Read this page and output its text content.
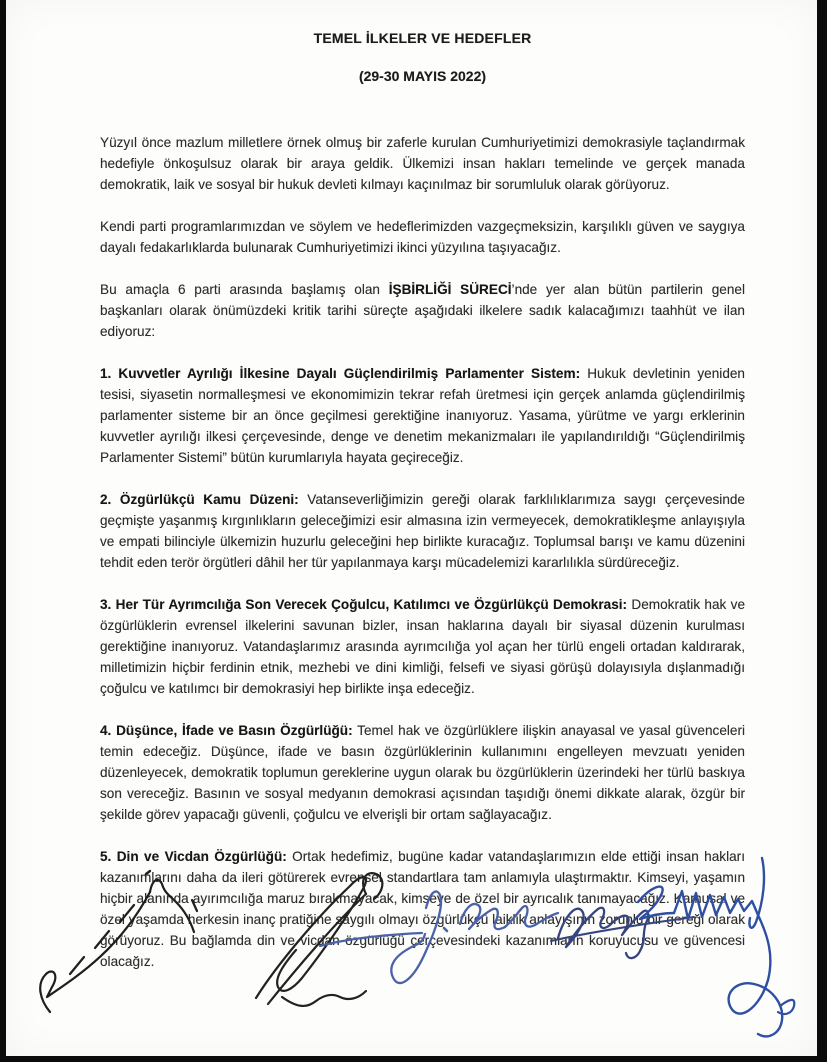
TEMEL İLKELER VE HEDEFLER
(29-30 MAYIS 2022)

Yüzyıl önce mazlum milletlere örnek olmuş bir zaferle kurulan Cumhuriyetimizi demokrasiyle taçlandırmak hedefiyle önkoşulsuz olarak bir araya geldik. Ülkemizi insan hakları temelinde ve gerçek manada demokratik, laik ve sosyal bir hukuk devleti kılmayı kaçınılmaz bir sorumluluk olarak görüyoruz.

Kendi parti programlarımızdan ve söylem ve hedeflerimizden vazgeçmeksizin, karşılıklı güven ve saygıya dayalı fedakarlıklarda bulunarak Cumhuriyetimizi ikinci yüzyılına taşıyacağız.

Bu amaçla 6 parti arasında başlamış olan İŞBİRLİĞİ SÜRECİ’nde yer alan bütün partilerin genel başkanları olarak önümüzdeki kritik tarihi süreçte aşağıdaki ilkelere sadık kalacağımızı taahhüt ve ilan ediyoruz:

1. Kuvvetler Ayrılığı İlkesine Dayalı Güçlendirilmiş Parlamenter Sistem: Hukuk devletinin yeniden tesisi, siyasetin normalleşmesi ve ekonomimizin tekrar refah üretmesi için gerçek anlamda güçlendirilmiş parlamenter sisteme bir an önce geçilmesi gerektiğine inanıyoruz. Yasama, yürütme ve yargı erklerinin kuvvetler ayrılığı ilkesi çerçevesinde, denge ve denetim mekanizmaları ile yapılandırıldığı “Güçlendirilmiş Parlamenter Sistemi” bütün kurumlarıyla hayata geçireceğiz.

2. Özgürlükçü Kamu Düzeni: Vatanseverliğimizin gereği olarak farklılıklarımıza saygı çerçevesinde geçmişte yaşanmış kırgınlıkların geleceğimizi esir almasına izin vermeyecek, demokratikleşme anlayışıyla ve empati bilinciyle ülkemizin huzurlu geleceğini hep birlikte kuracağız. Toplumsal barışı ve kamu düzenini tehdit eden terör örgütleri dâhil her tür yapılanmaya karşı mücadelemizi kararlılıkla sürdüreceğiz.

3. Her Tür Ayrımcılığa Son Verecek Çoğulcu, Katılımcı ve Özgürlükçü Demokrasi: Demokratik hak ve özgürlüklerin evrensel ilkelerini savunan bizler, insan haklarına dayalı bir siyasal düzenin kurulması gerektiğine inanıyoruz. Vatandaşlarımız arasında ayrımcılığa yol açan her türlü engeli ortadan kaldırarak, milletimizin hiçbir ferdinin etnik, mezhebi ve dini kimliği, felsefi ve siyasi görüşü dolayısıyla dışlanmadığı çoğulcu ve katılımcı bir demokrasiyi hep birlikte inşa edeceğiz.

4. Düşünce, İfade ve Basın Özgürlüğü: Temel hak ve özgürlüklere ilişkin anayasal ve yasal güvenceleri temin edeceğiz. Düşünce, ifade ve basın özgürlüklerinin kullanımını engelleyen mevzuatı yeniden düzenleyecek, demokratik toplumun gereklerine uygun olarak bu özgürlüklerin üzerindeki her türlü baskıya son vereceğiz. Basının ve sosyal medyanın demokrasi açısından taşıdığı önemi dikkate alarak, özgür bir şekilde görev yapacağı güvenli, çoğulcu ve elverişli bir ortam sağlayacağız.

5. Din ve Vicdan Özgürlüğü: Ortak hedefimiz, bugüne kadar vatandaşlarımızın elde ettiği insan hakları kazanımlarını daha da ileri götürerek evrensel standartlara tam anlamıyla ulaştırmaktır. Kimseyi, yaşamın hiçbir alanında ayırımcılığa maruz bırakmayacak, kimseye de özel bir ayrıcalık tanımayacağız. Kamusal ve özel yaşamda herkesin inanç pratiğine saygılı olmayı özgürlükçü laiklik anlayışının zorunlu bir gereği olarak görüyoruz. Bu bağlamda din ve vicdan özgürlüğü çerçevesindeki kazanımların koruyucusu ve güvencesi olacağız.
